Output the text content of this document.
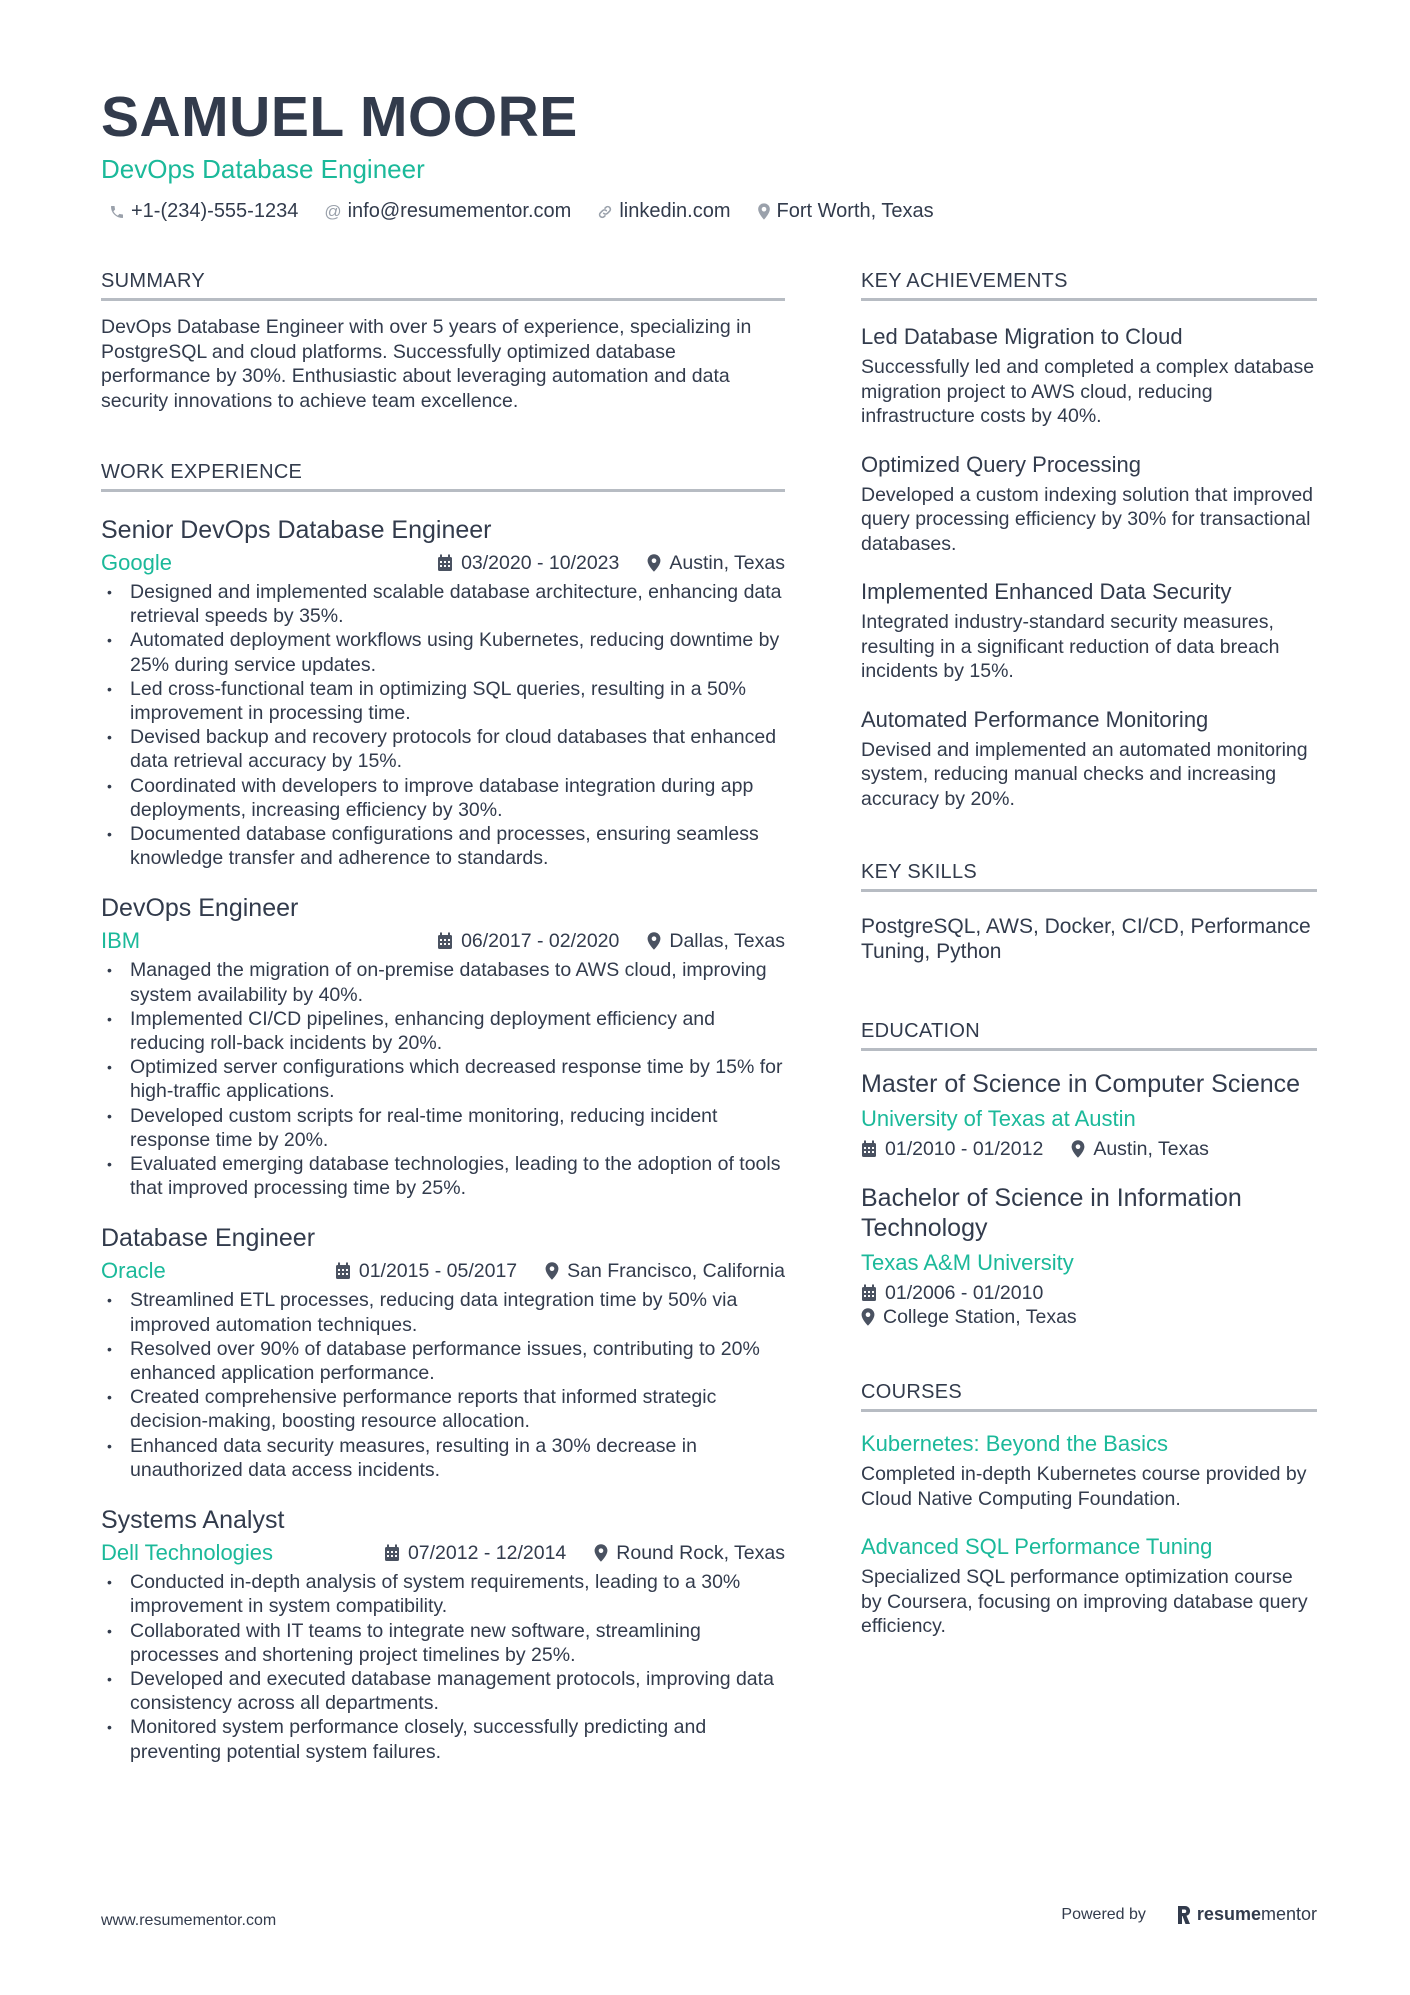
SAMUEL MOORE
DevOps Database Engineer
+1-(234)-555-1234 @ info@resumementor.com linkedin.com Fort Worth, Texas
SUMMARY
DevOps Database Engineer with over 5 years of experience, specializing in PostgreSQL and cloud platforms. Successfully optimized database performance by 30%. Enthusiastic about leveraging automation and data security innovations to achieve team excellence.
WORK EXPERIENCE
Senior DevOps Database Engineer
Google	03/2020 - 10/2023	Austin, Texas
• Designed and implemented scalable database architecture, enhancing data retrieval speeds by 35%.
• Automated deployment workflows using Kubernetes, reducing downtime by 25% during service updates.
• Led cross-functional team in optimizing SQL queries, resulting in a 50% improvement in processing time.
• Devised backup and recovery protocols for cloud databases that enhanced data retrieval accuracy by 15%.
• Coordinated with developers to improve database integration during app deployments, increasing efficiency by 30%.
• Documented database configurations and processes, ensuring seamless knowledge transfer and adherence to standards.
DevOps Engineer
IBM	06/2017 - 02/2020	Dallas, Texas
• Managed the migration of on-premise databases to AWS cloud, improving system availability by 40%.
• Implemented CI/CD pipelines, enhancing deployment efficiency and reducing roll-back incidents by 20%.
• Optimized server configurations which decreased response time by 15% for high-traffic applications.
• Developed custom scripts for real-time monitoring, reducing incident response time by 20%.
• Evaluated emerging database technologies, leading to the adoption of tools that improved processing time by 25%.
Database Engineer
Oracle	01/2015 - 05/2017	San Francisco, California
• Streamlined ETL processes, reducing data integration time by 50% via improved automation techniques.
• Resolved over 90% of database performance issues, contributing to 20% enhanced application performance.
• Created comprehensive performance reports that informed strategic decision-making, boosting resource allocation.
• Enhanced data security measures, resulting in a 30% decrease in unauthorized data access incidents.
Systems Analyst
Dell Technologies	07/2012 - 12/2014	Round Rock, Texas
• Conducted in-depth analysis of system requirements, leading to a 30% improvement in system compatibility.
• Collaborated with IT teams to integrate new software, streamlining processes and shortening project timelines by 25%.
• Developed and executed database management protocols, improving data consistency across all departments.
• Monitored system performance closely, successfully predicting and preventing potential system failures.
KEY ACHIEVEMENTS
Led Database Migration to Cloud
Successfully led and completed a complex database migration project to AWS cloud, reducing infrastructure costs by 40%.
Optimized Query Processing
Developed a custom indexing solution that improved query processing efficiency by 30% for transactional databases.
Implemented Enhanced Data Security
Integrated industry-standard security measures, resulting in a significant reduction of data breach incidents by 15%.
Automated Performance Monitoring
Devised and implemented an automated monitoring system, reducing manual checks and increasing accuracy by 20%.
KEY SKILLS
PostgreSQL, AWS, Docker, CI/CD, Performance Tuning, Python
EDUCATION
Master of Science in Computer Science
University of Texas at Austin
01/2010 - 01/2012	Austin, Texas
Bachelor of Science in Information Technology
Texas A&M University
01/2006 - 01/2010
College Station, Texas
COURSES
Kubernetes: Beyond the Basics
Completed in-depth Kubernetes course provided by Cloud Native Computing Foundation.
Advanced SQL Performance Tuning
Specialized SQL performance optimization course by Coursera, focusing on improving database query efficiency.
www.resumementor.com	Powered by	resume mentor
